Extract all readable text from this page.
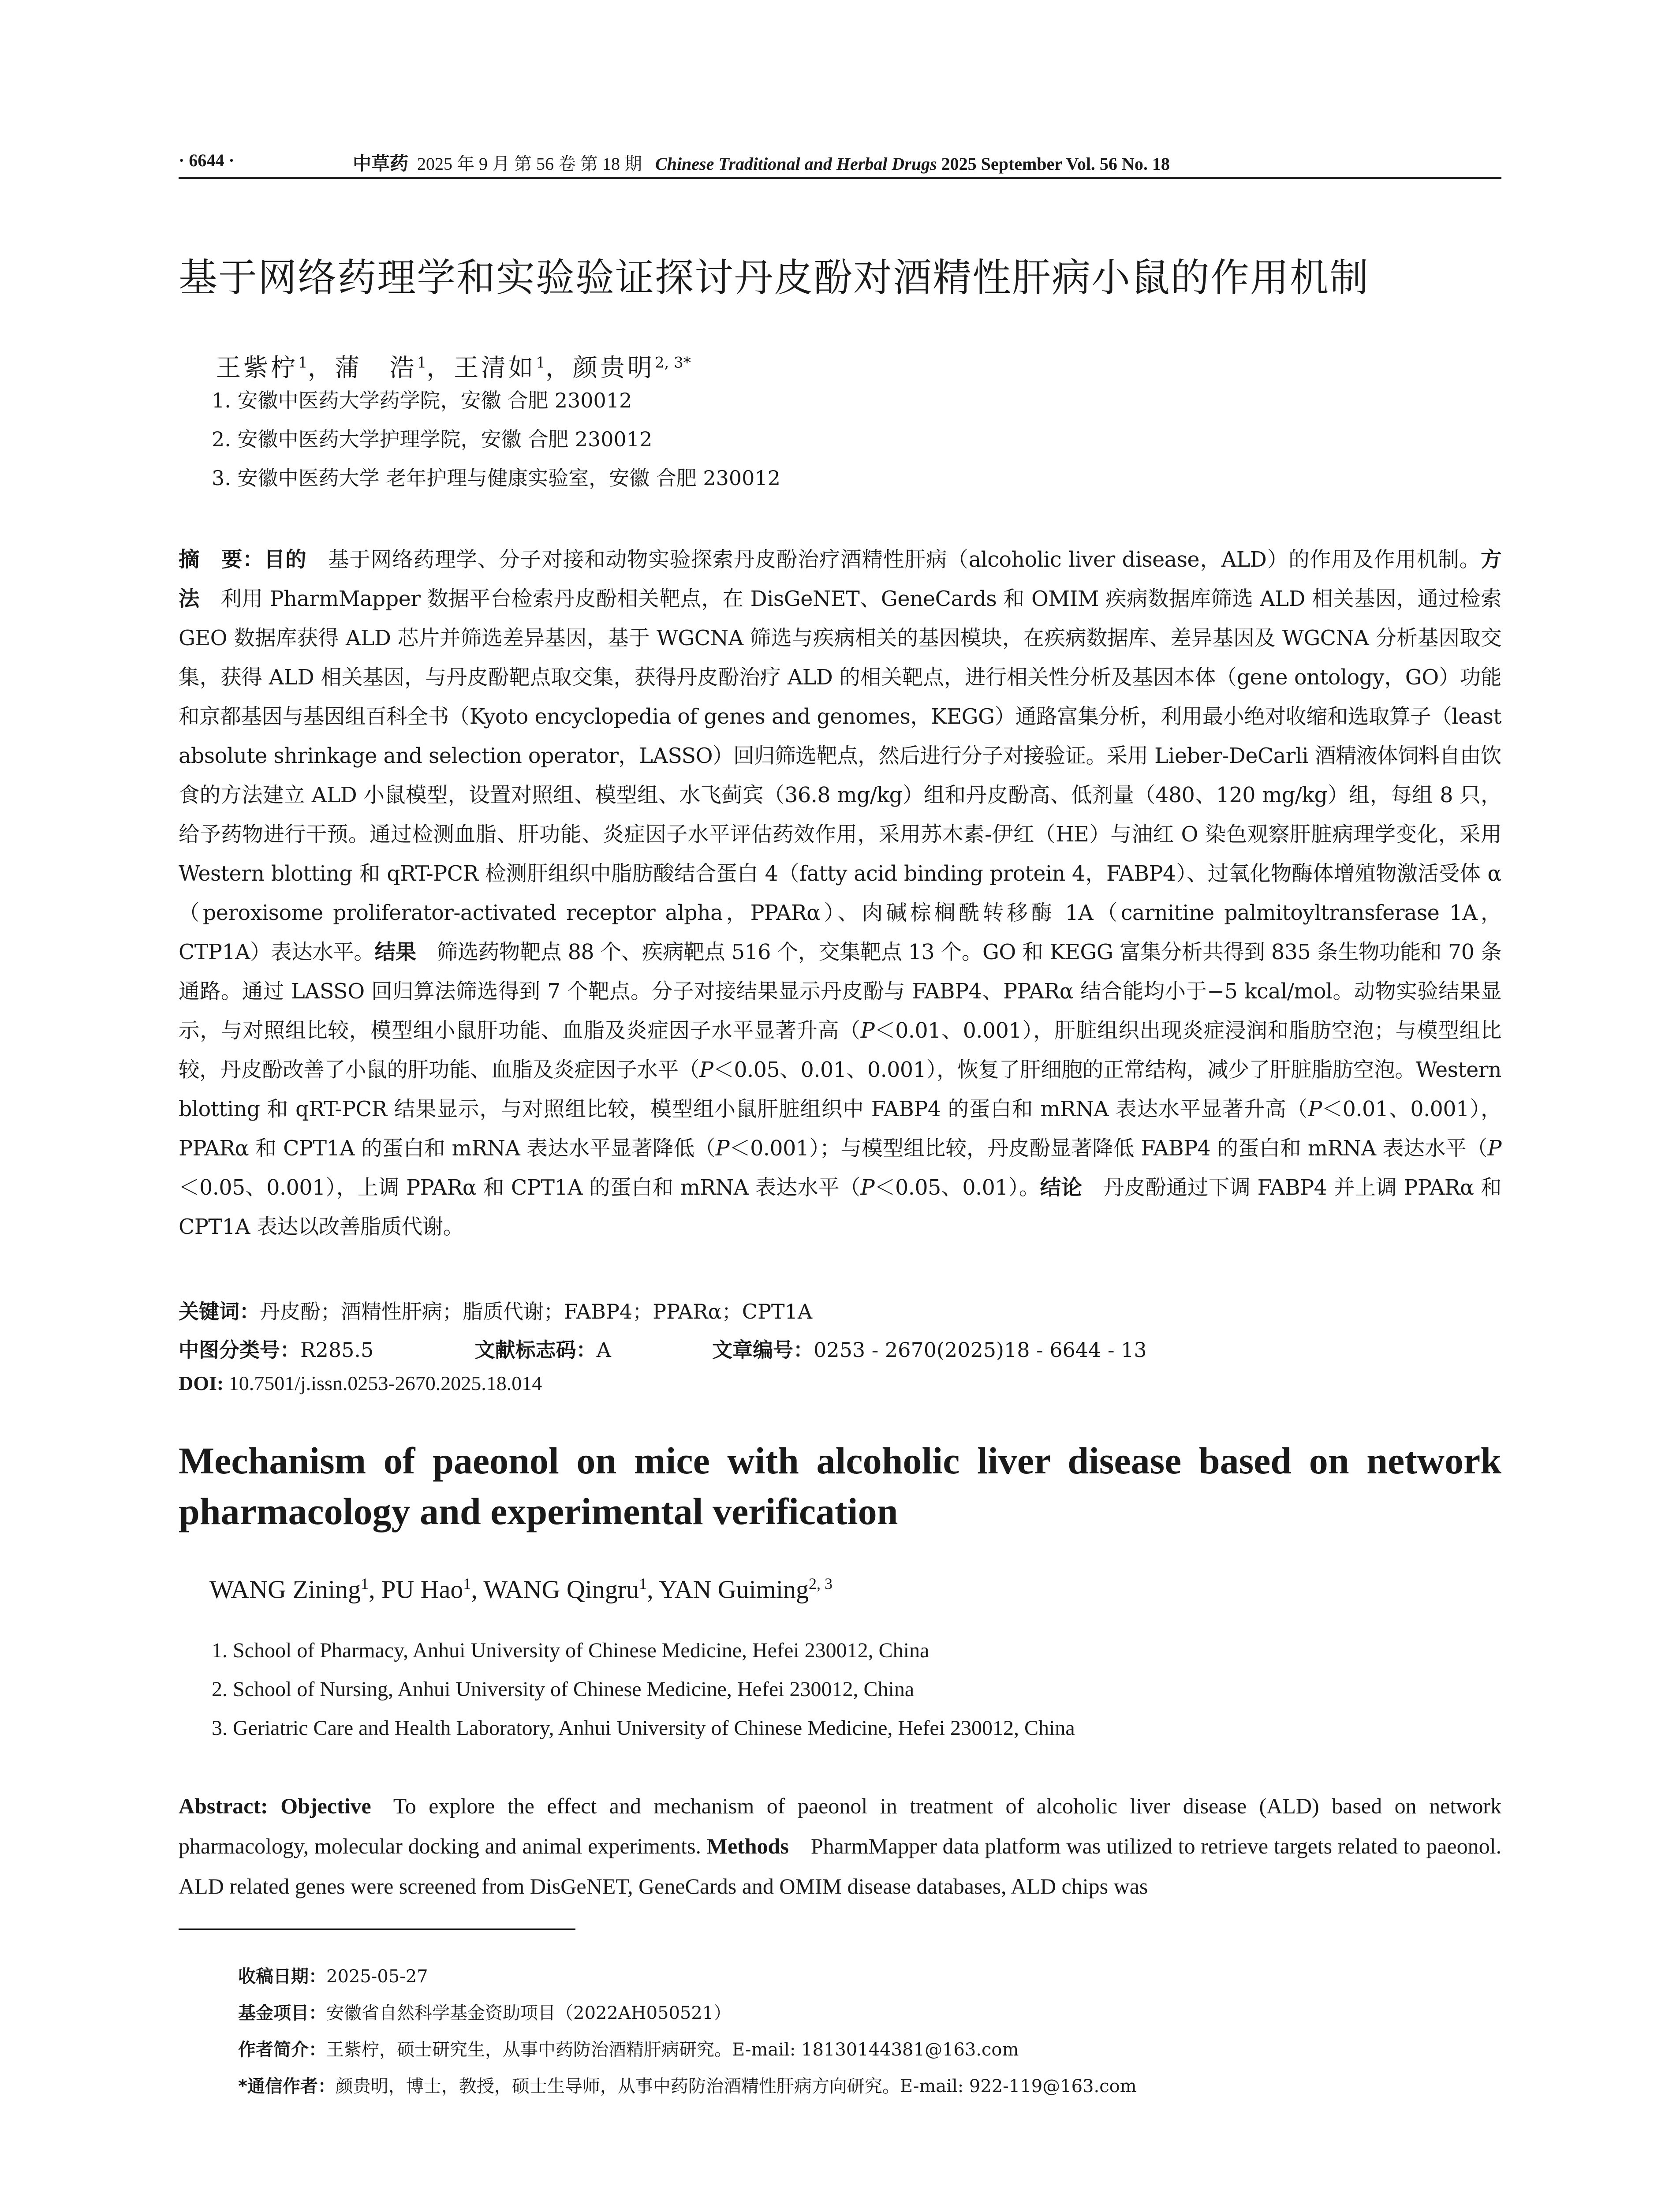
· 6644 ·	中草药 2025 年 9 月 第 56 卷 第 18 期 Chinese Traditional and Herbal Drugs 2025 September Vol. 56 No. 18
基于网络药理学和实验验证探讨丹皮酚对酒精性肝病小鼠的作用机制
王紫柠$^1$，蒲　浩$^1$，王清如$^1$，颜贵明$^{2, 3*}$
1. 安徽中医药大学药学院，安徽 合肥 230012
2. 安徽中医药大学护理学院，安徽 合肥 230012
3. 安徽中医药大学 老年护理与健康实验室，安徽 合肥 230012
摘　要：目的  基于网络药理学、分子对接和动物实验探索丹皮酚治疗酒精性肝病（alcoholic liver disease，ALD）的作用及作用机制。方法  利用 PharmMapper 数据平台检索丹皮酚相关靶点，在 DisGeNET、GeneCards 和 OMIM 疾病数据库筛选 ALD 相关基因，通过检索 GEO 数据库获得 ALD 芯片并筛选差异基因，基于 WGCNA 筛选与疾病相关的基因模块，在疾病数据库、差异基因及 WGCNA 分析基因取交集，获得 ALD 相关基因，与丹皮酚靶点取交集，获得丹皮酚治疗 ALD 的相关靶点，进行相关性分析及基因本体（gene ontology，GO）功能和京都基因与基因组百科全书（Kyoto encyclopedia of genes and genomes，KEGG）通路富集分析，利用最小绝对收缩和选取算子（least absolute shrinkage and selection operator，LASSO）回归筛选靶点，然后进行分子对接验证。采用 Lieber-DeCarli 酒精液体饲料自由饮食的方法建立 ALD 小鼠模型，设置对照组、模型组、水飞蓟宾（36.8 mg/kg）组和丹皮酚高、低剂量（480、120 mg/kg）组，每组 8 只，给予药物进行干预。通过检测血脂、肝功能、炎症因子水平评估药效作用，采用苏木素-伊红（HE）与油红 O 染色观察肝脏病理学变化，采用 Western blotting 和 qRT-PCR 检测肝组织中脂肪酸结合蛋白 4（fatty acid binding protein 4，FABP4）、过氧化物酶体增殖物激活受体 α（peroxisome proliferator-activated receptor alpha，PPARα）、肉碱棕榈酰转移酶 1A（carnitine palmitoyltransferase 1A，CTP1A）表达水平。结果  筛选药物靶点 88 个、疾病靶点 516 个，交集靶点 13 个。GO 和 KEGG 富集分析共得到 835 条生物功能和 70 条通路。通过 LASSO 回归算法筛选得到 7 个靶点。分子对接结果显示丹皮酚与 FABP4、PPARα 结合能均小于−5 kcal/mol。动物实验结果显示，与对照组比较，模型组小鼠肝功能、血脂及炎症因子水平显著升高（P＜0.01、0.001），肝脏组织出现炎症浸润和脂肪空泡；与模型组比较，丹皮酚改善了小鼠的肝功能、血脂及炎症因子水平（P＜0.05、0.01、0.001），恢复了肝细胞的正常结构，减少了肝脏脂肪空泡。Western blotting 和 qRT-PCR 结果显示，与对照组比较，模型组小鼠肝脏组织中 FABP4 的蛋白和 mRNA 表达水平显著升高（P＜0.01、0.001），PPARα 和 CPT1A 的蛋白和 mRNA 表达水平显著降低（P＜0.001）；与模型组比较，丹皮酚显著降低 FABP4 的蛋白和 mRNA 表达水平（P＜0.05、0.001），上调 PPARα 和 CPT1A 的蛋白和 mRNA 表达水平（P＜0.05、0.01）。结论  丹皮酚通过下调 FABP4 并上调 PPARα 和 CPT1A 表达以改善脂质代谢。
关键词：丹皮酚；酒精性肝病；脂质代谢；FABP4；PPARα；CPT1A
中图分类号：R285.5	文献标志码：A	文章编号：0253 - 2670(2025)18 - 6644 - 13
DOI: 10.7501/j.issn.0253-2670.2025.18.014
Mechanism of paeonol on mice with alcoholic liver disease based on network pharmacology and experimental verification
WANG Zining$^1$, PU Hao$^1$, WANG Qingru$^1$, YAN Guiming$^{2, 3}$
1. School of Pharmacy, Anhui University of Chinese Medicine, Hefei 230012, China
2. School of Nursing, Anhui University of Chinese Medicine, Hefei 230012, China
3. Geriatric Care and Health Laboratory, Anhui University of Chinese Medicine, Hefei 230012, China
Abstract: Objective  To explore the effect and mechanism of paeonol in treatment of alcoholic liver disease (ALD) based on network pharmacology, molecular docking and animal experiments. Methods  PharmMapper data platform was utilized to retrieve targets related to paeonol. ALD related genes were screened from DisGeNET, GeneCards and OMIM disease databases, ALD chips was
收稿日期：2025-05-27
基金项目：安徽省自然科学基金资助项目（2022AH050521）
作者简介：王紫柠，硕士研究生，从事中药防治酒精肝病研究。E-mail: 18130144381@163.com
*通信作者：颜贵明，博士，教授，硕士生导师，从事中药防治酒精性肝病方向研究。E-mail: 922-119@163.com
